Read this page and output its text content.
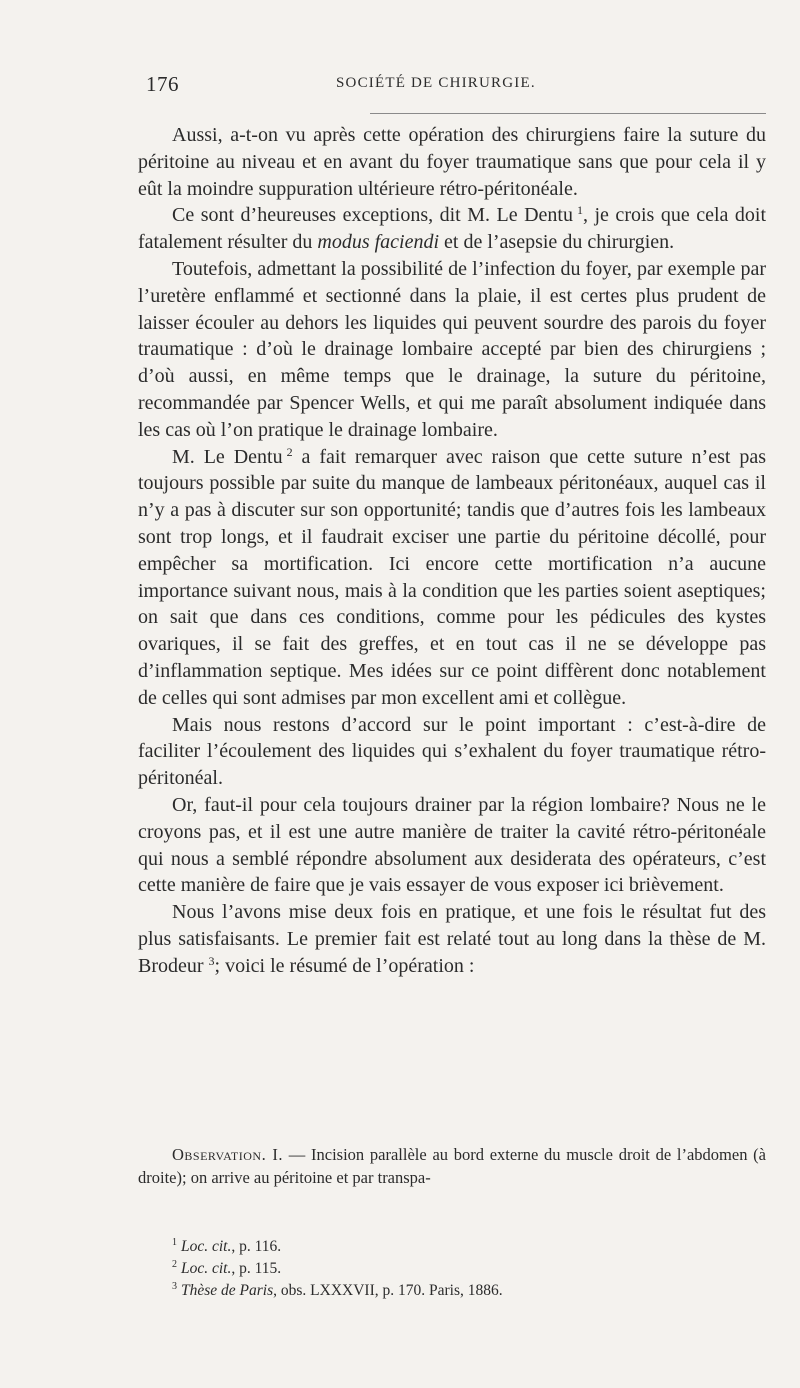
176	SOCIÉTÉ DE CHIRURGIE.

Aussi, a-t-on vu après cette opération des chirurgiens faire la suture du péritoine au niveau et en avant du foyer traumatique sans que pour cela il y eût la moindre suppuration ultérieure rétro-péritonéale.

Ce sont d’heureuses exceptions, dit M. Le Dentu  $^1$, je crois que cela doit fatalement résulter du modus faciendi et de l’asepsie du chirurgien.

Toutefois, admettant la possibilité de l’infection du foyer, par exemple par l’uretère enflammé et sectionné dans la plaie, il est certes plus prudent de laisser écouler au dehors les liquides qui peuvent sourdre des parois du foyer traumatique : d’où le drainage lombaire accepté par bien des chirurgiens ; d’où aussi, en même temps que le drainage, la suture du péritoine, recommandée par Spencer Wells, et qui me paraît absolument indiquée dans les cas où l’on pratique le drainage lombaire.

M. Le Dentu  $^2$ a fait remarquer avec raison que cette suture n’est pas toujours possible par suite du manque de lambeaux péritonéaux, auquel cas il n’y a pas à discuter sur son opportunité; tandis que d’autres fois les lambeaux sont trop longs, et il faudrait exciser une partie du péritoine décollé, pour empêcher sa mortification. Ici encore cette mortification n’a aucune importance suivant nous, mais à la condition que les parties soient aseptiques; on sait que dans ces conditions, comme pour les pédicules des kystes ovariques, il se fait des greffes, et en tout cas il ne se développe pas d’inflammation septique. Mes idées sur ce point diffèrent donc notablement de celles qui sont admises par mon excellent ami et collègue.

Mais nous restons d’accord sur le point important : c’est-à-dire de faciliter l’écoulement des liquides qui s’exhalent du foyer traumatique rétro-péritonéal.

Or, faut-il pour cela toujours drainer par la région lombaire? Nous ne le croyons pas, et il est une autre manière de traiter la cavité rétro-péritonéale qui nous a semblé répondre absolument aux desiderata des opérateurs, c’est cette manière de faire que je vais essayer de vous exposer ici brièvement.

Nous l’avons mise deux fois en pratique, et une fois le résultat fut des plus satisfaisants. Le premier fait est relaté tout au long dans la thèse de M. Brodeur $^3$; voici le résumé de l’opération :

Observation. I. — Incision parallèle au bord externe du muscle droit de l’abdomen (à droite); on arrive au péritoine et par transpa-

$^1$ Loc. cit., p. 116.

$^2$ Loc. cit., p. 115.

$^3$ Thèse de Paris, obs. LXXXVII, p. 170. Paris, 1886.
